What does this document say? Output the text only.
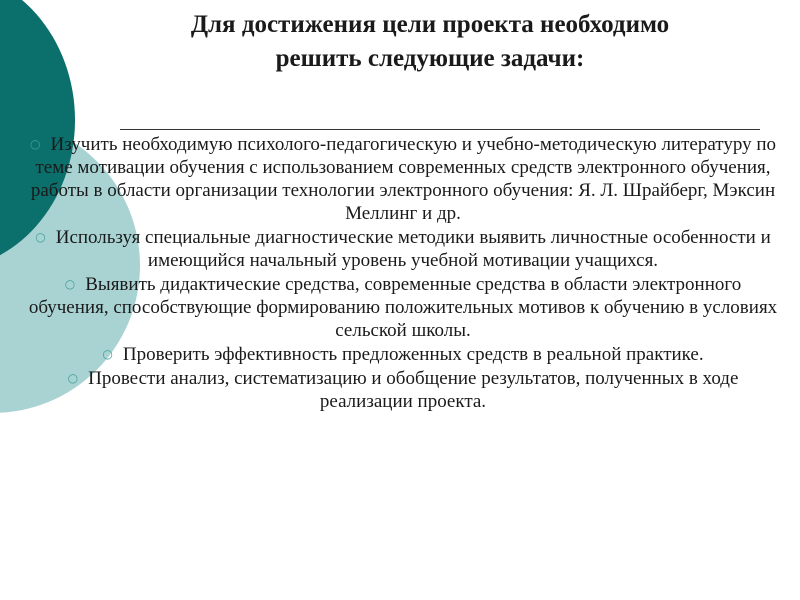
Для достижения цели проекта необходимо
решить следующие задачи:
○ Изучить необходимую психолого-педагогическую и учебно-методическую литературу по теме мотивации обучения с использованием современных средств электронного обучения, работы в области организации технологии электронного обучения: Я. Л. Шрайберг, Мэксин Меллинг и др.
○ Используя специальные диагностические методики выявить личностные особенности и имеющийся начальный уровень учебной мотивации учащихся.
○ Выявить дидактические средства, современные средства в области электронного обучения, способствующие формированию положительных мотивов к обучению в условиях сельской школы.
○ Проверить эффективность предложенных средств в реальной практике.
○ Провести анализ, систематизацию и обобщение результатов, полученных в ходе реализации проекта.
